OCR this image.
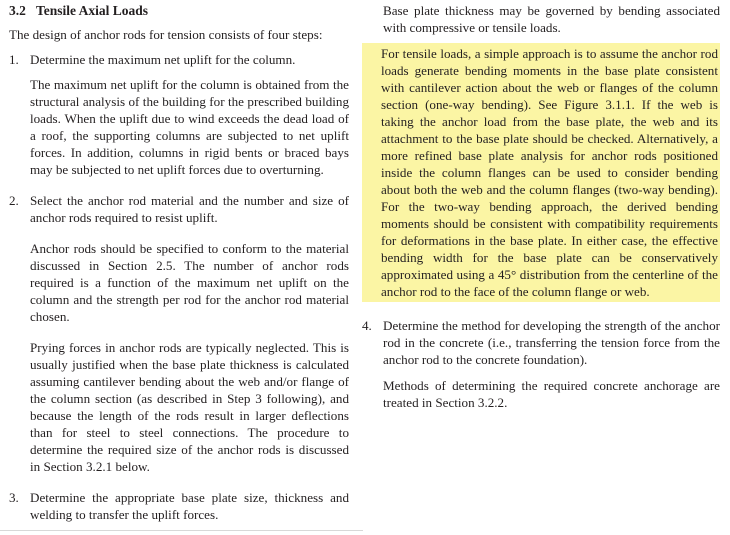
3.2 Tensile Axial Loads

The design of anchor rods for tension consists of four steps:

1. Determine the maximum net uplift for the column.

The maximum net uplift for the column is obtained from the structural analysis of the building for the prescribed building loads. When the uplift due to wind exceeds the dead load of a roof, the supporting columns are subjected to net uplift forces. In addition, columns in rigid bents or braced bays may be subjected to net uplift forces due to overturning.

2. Select the anchor rod material and the number and size of anchor rods required to resist uplift.

Anchor rods should be specified to conform to the material discussed in Section 2.5. The number of anchor rods required is a function of the maximum net uplift on the column and the strength per rod for the anchor rod material chosen.

Prying forces in anchor rods are typically neglected. This is usually justified when the base plate thickness is calculated assuming cantilever bending about the web and/or flange of the column section (as described in Step 3 following), and because the length of the rods result in larger deflections than for steel to steel connections. The procedure to determine the required size of the anchor rods is discussed in Section 3.2.1 below.

3. Determine the appropriate base plate size, thickness and welding to transfer the uplift forces.

Base plate thickness may be governed by bending associated with compressive or tensile loads.

For tensile loads, a simple approach is to assume the anchor rod loads generate bending moments in the base plate consistent with cantilever action about the web or flanges of the column section (one-way bending). See Figure 3.1.1. If the web is taking the anchor load from the base plate, the web and its attachment to the base plate should be checked. Alternatively, a more refined base plate analysis for anchor rods positioned inside the column flanges can be used to consider bending about both the web and the column flanges (two-way bending). For the two-way bending approach, the derived bending moments should be consistent with compatibility requirements for deformations in the base plate. In either case, the effective bending width for the base plate can be conservatively approximated using a 45° distribution from the centerline of the anchor rod to the face of the column flange or web.

4. Determine the method for developing the strength of the anchor rod in the concrete (i.e., transferring the tension force from the anchor rod to the concrete foundation).

Methods of determining the required concrete anchorage are treated in Section 3.2.2.
